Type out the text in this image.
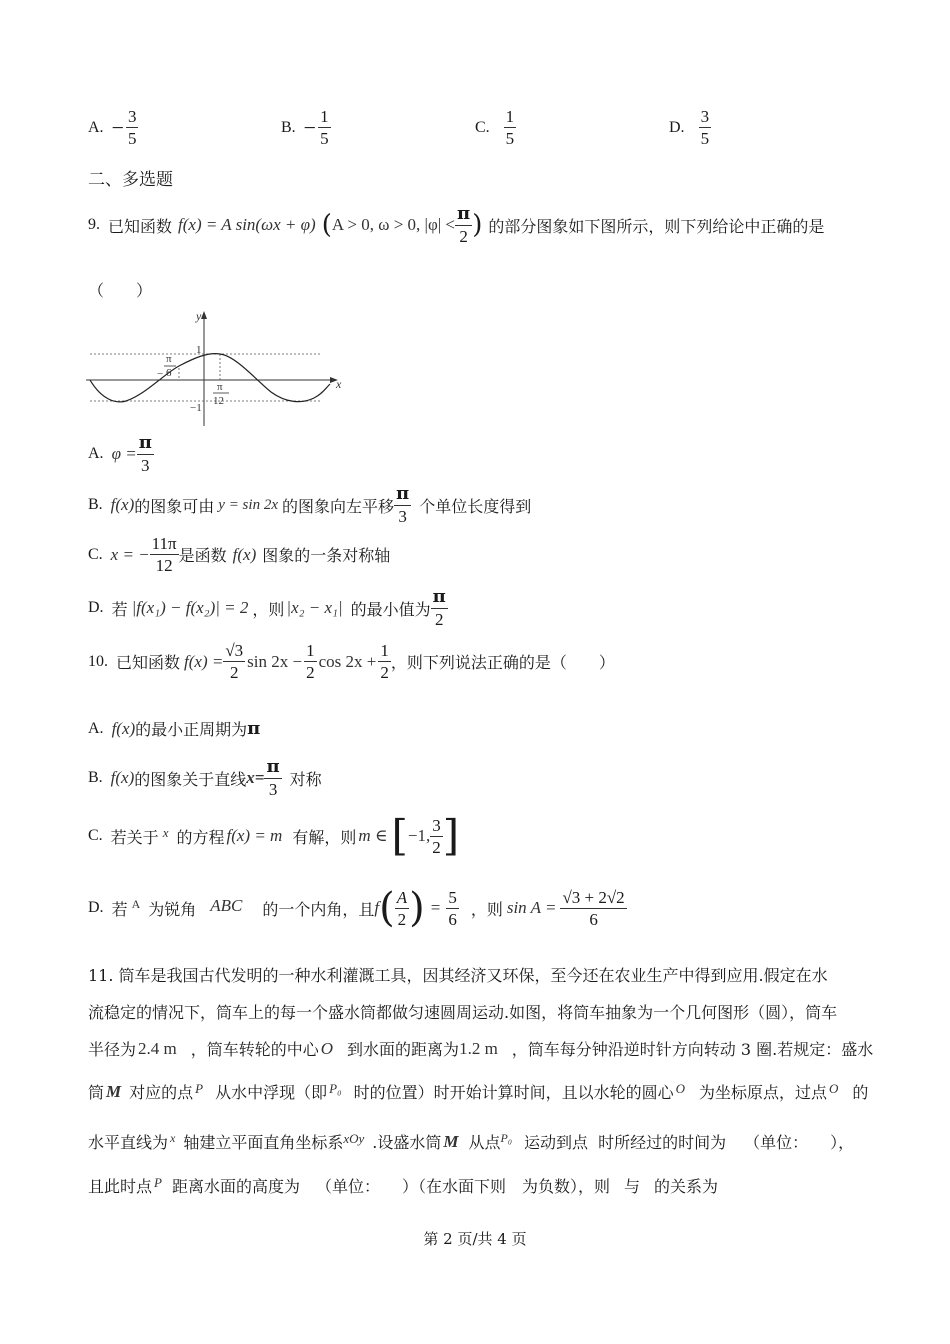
A. − $\frac{3}{5}$	B. − $\frac{1}{5}$	C. $\frac{1}{5}$	D. $\frac{3}{5}$
二、多选题
9. 已知函数 f(x) = A sin(ωx + φ) ( A > 0, ω > 0, $|\varphi| < \frac{\pi}{2}$ ) 的部分图象如下图所示，则下列给论中正确的是
（　　）
y
x
1
−1
−
π
6
π
12
A. $\varphi = \frac{\pi}{3}$
B. f(x) 的图象可由 y = sin 2x 的图象向左平移 $\frac{\pi}{3}$ 个单位长度得到
C. x = − $\frac{11\pi}{12}$ 是函数 f(x) 图象的一条对称轴
D. 若 |f(x₁) − f(x₂)| = 2 ，则 |x₂ − x₁| 的最小值为 $\frac{\pi}{2}$
10. 已知函数 $f(x) = \frac{√3}{2}$ $\sin 2x - \frac{1}{2}$ $\cos 2x + \frac{1}{2}$ ，则下列说法正确的是（　　）
A. f(x) 的最小正周期为 π
B. f(x) 的图象关于直线 $x= \frac{\pi}{3}$ 对称
C. 若关于 x 的方程 f(x) = m 有解，则 m ∈ [ −1, $\frac{3}{2}$ ]
D. 若 A 为锐角 ABC 的一个内角，且 f ( $\frac{A}{2}$ ) = $\frac{5}{6}$ ，则 $\sin A = \frac{√3 + 2√2}{6}$
11. 筒车是我国古代发明的一种水利灌溉工具，因其经济又环保，至今还在农业生产中得到应用.假定在水
流稳定的情况下，筒车上的每一个盛水筒都做匀速圆周运动.如图，将筒车抽象为一个几何图形（圆），筒车
半径为 2.4 m ，筒车转轮的中心 O 到水面的距离为 1.2 m ，筒车每分钟沿逆时针方向转动 3 圈.若规定：盛水
筒 M 对应的点 P 从水中浮现（即 P₀ 时的位置）时开始计算时间，且以水轮的圆心 O 为坐标原点，过点 O 的
水平直线为 x 轴建立平面直角坐标系 xOy .设盛水筒 M 从点 P₀ 运动到点 时所经过的时间为 （单位： ），
且此时点 P 距离水面的高度为 （单位： ）（在水面下则 为负数），则 与 的关系为
第 2 页/共 4 页
